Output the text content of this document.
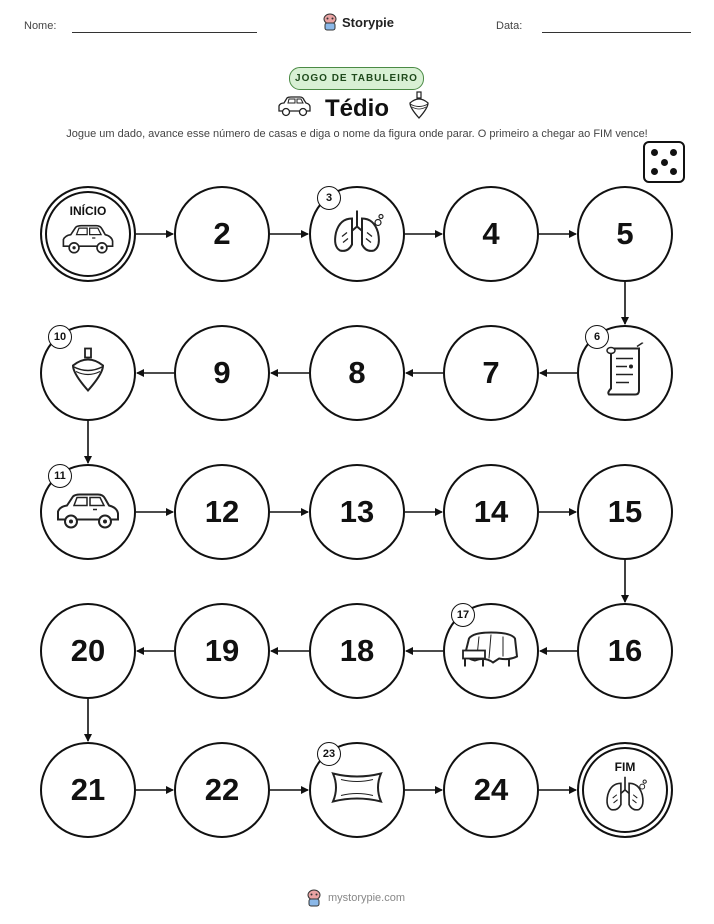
Nome:	Storypie	Data:
JOGO DE TABULEIRO
Tédio
Jogue um dado, avance esse número de casas e diga o nome da figura onde parar. O primeiro a chegar ao FIM vence!
INÍCIO
2
3
4	5
6
7
8
9
10
11
12	13	14	15
16
17
18
19
20
21	22
23
24
FIM
mystorypie.com
